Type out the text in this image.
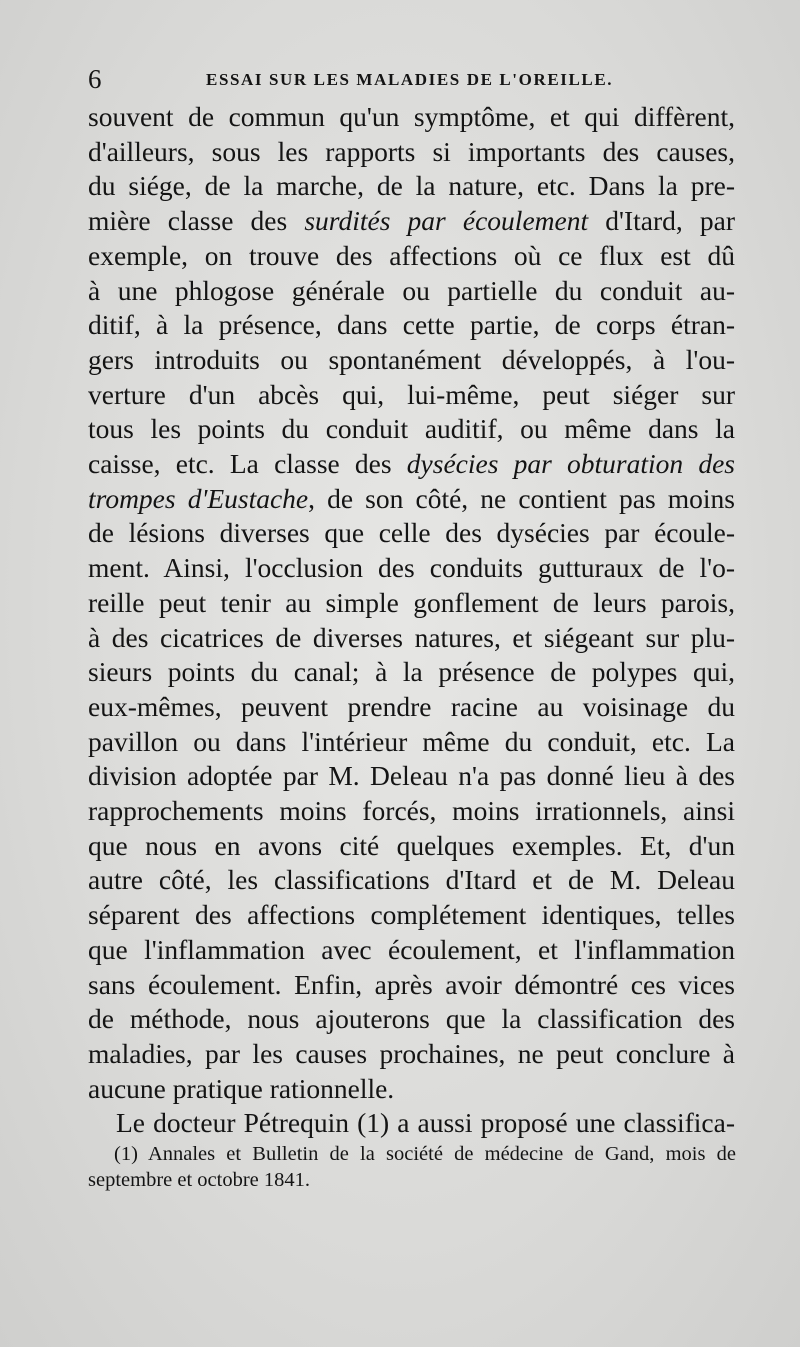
6	ESSAI SUR LES MALADIES DE L'OREILLE.
souvent de commun qu'un symptôme, et qui diffèrent,
d'ailleurs, sous les rapports si importants des causes,
du siége, de la marche, de la nature, etc. Dans la pre-
mière classe des surdités par écoulement d'Itard, par
exemple, on trouve des affections où ce flux est dû
à une phlogose générale ou partielle du conduit au-
ditif, à la présence, dans cette partie, de corps étran-
gers introduits ou spontanément développés, à l'ou-
verture d'un abcès qui, lui-même, peut siéger sur
tous les points du conduit auditif, ou même dans la
caisse, etc. La classe des dysécies par obturation des
trompes d'Eustache, de son côté, ne contient pas moins
de lésions diverses que celle des dysécies par écoule-
ment. Ainsi, l'occlusion des conduits gutturaux de l'o-
reille peut tenir au simple gonflement de leurs parois,
à des cicatrices de diverses natures, et siégeant sur plu-
sieurs points du canal; à la présence de polypes qui,
eux-mêmes, peuvent prendre racine au voisinage du
pavillon ou dans l'intérieur même du conduit, etc. La
division adoptée par M. Deleau n'a pas donné lieu à des
rapprochements moins forcés, moins irrationnels, ainsi
que nous en avons cité quelques exemples. Et, d'un
autre côté, les classifications d'Itard et de M. Deleau
séparent des affections complétement identiques, telles
que l'inflammation avec écoulement, et l'inflammation
sans écoulement. Enfin, après avoir démontré ces vices
de méthode, nous ajouterons que la classification des
maladies, par les causes prochaines, ne peut conclure à
aucune pratique rationnelle.
Le docteur Pétrequin (1) a aussi proposé une classifica-
(1) Annales et Bulletin de la société de médecine de Gand, mois de
septembre et octobre 1841.
